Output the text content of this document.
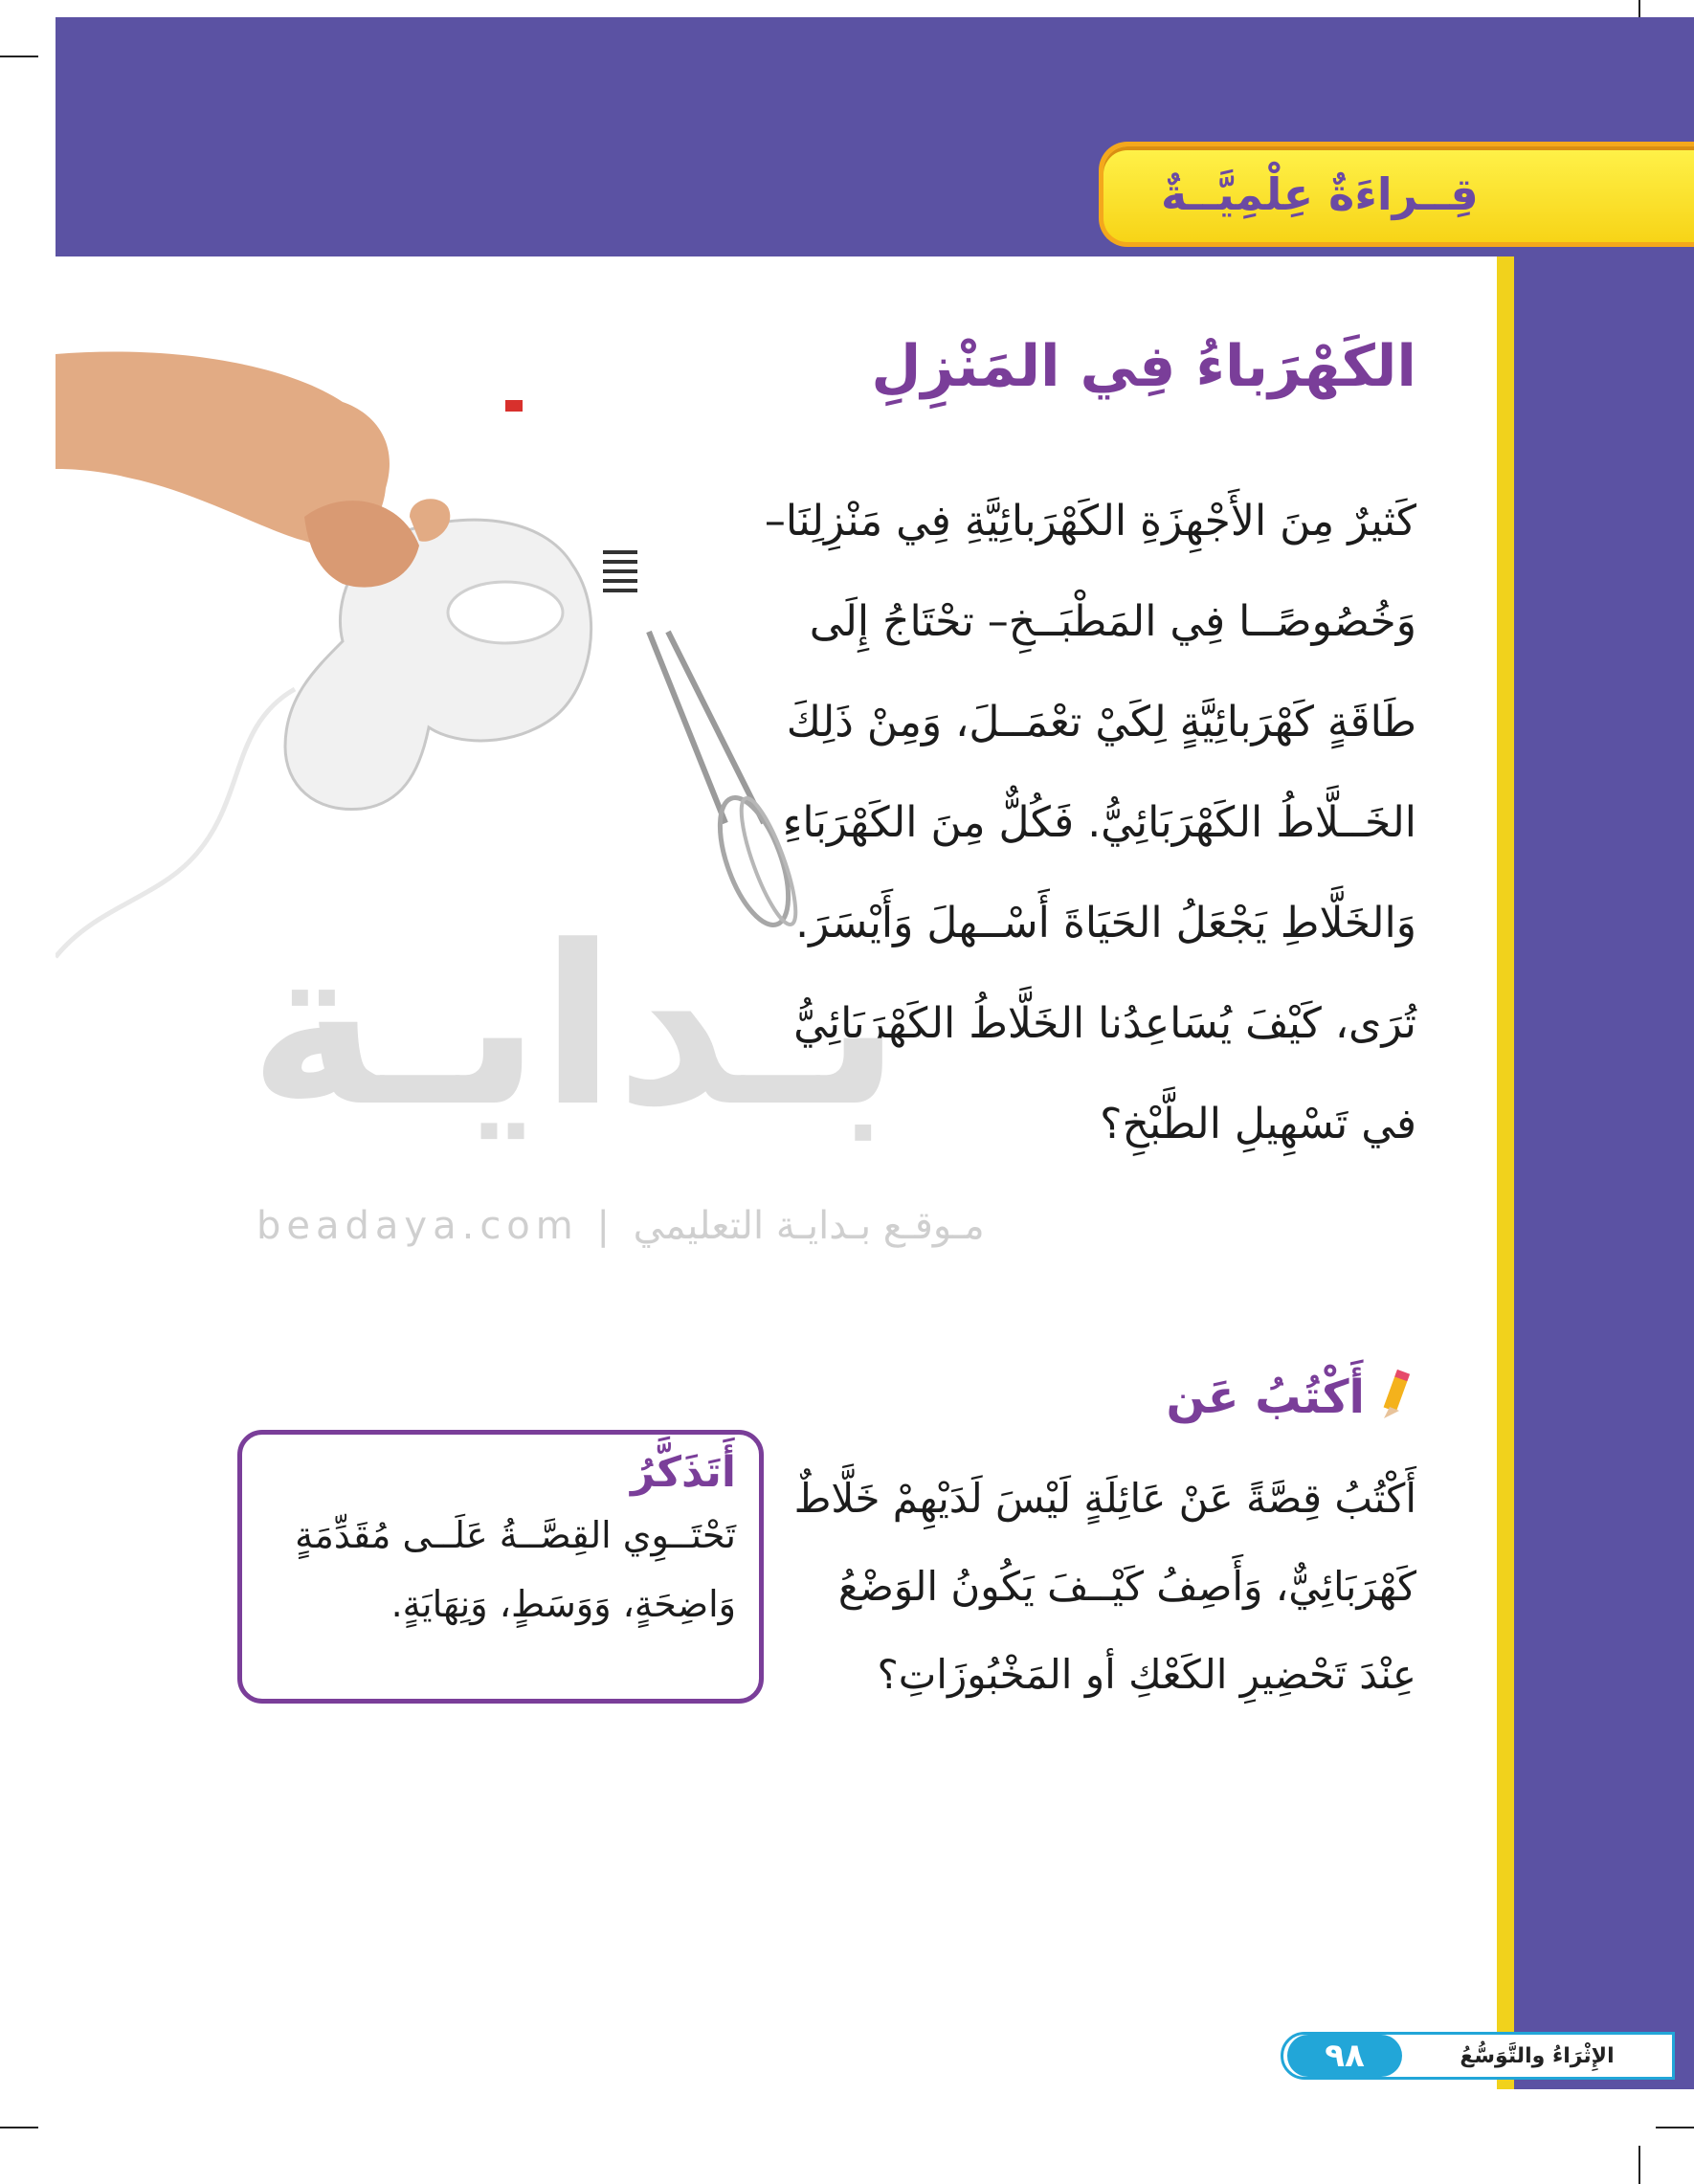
قِــراءَةٌ عِلْمِيَّــةٌ
الكَهْرَباءُ فِي المَنْزِلِ

كَثيرٌ مِنَ الأَجْهِزَةِ الكَهْرَبائِيَّةِ فِي مَنْزِلِنَا–

وَخُصُوصًــا فِي المَطْبَــخِ– تحْتَاجُ إِلَى

طَاقَةٍ كَهْرَبائِيَّةٍ لِكَيْ تعْمَــلَ، وَمِنْ ذَلِكَ

الخَــلَّاطُ الكَهْرَبَائِيُّ. فَكُلٌّ مِنَ الكَهْرَبَاءِ

وَالخَلَّاطِ يَجْعَلُ الحَيَاةَ أَسْــهلَ وَأَيْسَرَ.

تُرَى، كَيْفَ يُسَاعِدُنا الخَلَّاطُ الكَهْرَبَائِيُّ

في تَسْهِيلِ الطَّبْخِ؟

بـدايـة
beadaya.com | مـوقـع بـدايـة التعليمي
أَكْتُبُ عَن

أَكْتُبُ قِصَّةً عَنْ عَائِلَةٍ لَيْسَ لَدَيْهِمْ خَلَّاطٌ

كَهْرَبَائِيٌّ، وَأَصِفُ كَيْــفَ يَكُونُ الوَضْعُ

عِنْدَ تَحْضِيرِ الكَعْكِ أو المَخْبُوزَاتِ؟

أَتَذَكَّرُ

تَحْتَــوِي القِصَّــةُ عَلَــى مُقَدِّمَةٍ

وَاضِحَةٍ، وَوَسَطٍ، وَنِهَايَةٍ.

٩٨	الإِثْرَاءُ والتَّوَسُّعُ
